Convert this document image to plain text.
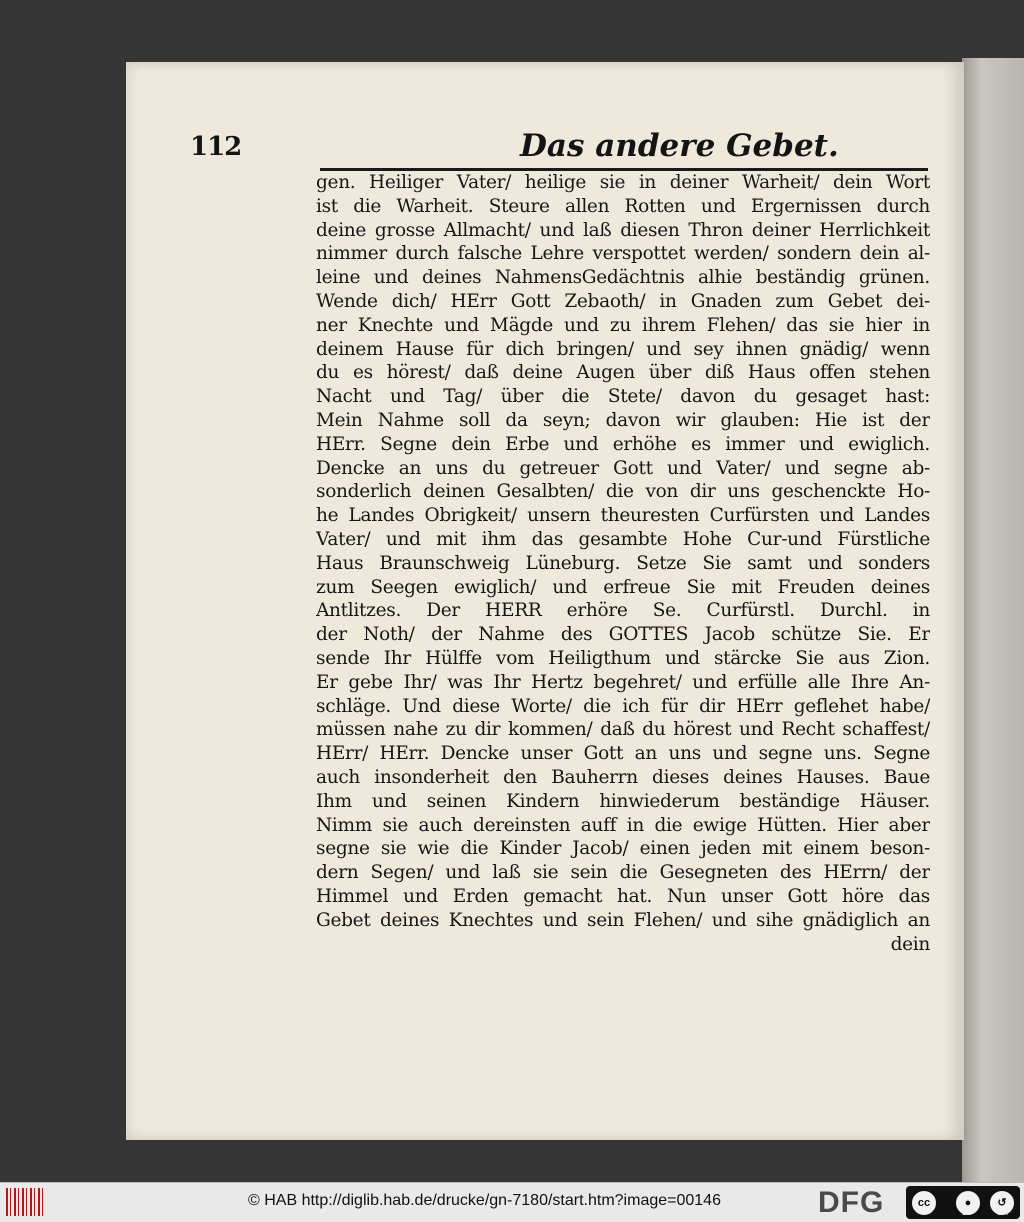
112	Das andere Gebet.
gen. Heiliger Vater/ heilige sie in deiner Warheit/ dein Wort
ist die Warheit. Steure allen Rotten und Ergernissen durch
deine grosse Allmacht/ und laß diesen Thron deiner Herrlichkeit
nimmer durch falsche Lehre verspottet werden/ sondern dein al-
leine und deines NahmensGedächtnis alhie beständig grünen.
Wende dich/ HErr Gott Zebaoth/ in Gnaden zum Gebet dei-
ner Knechte und Mägde und zu ihrem Flehen/ das sie hier in
deinem Hause für dich bringen/ und sey ihnen gnädig/ wenn
du es hörest/ daß deine Augen über diß Haus offen stehen
Nacht und Tag/ über die Stete/ davon du gesaget hast:
Mein Nahme soll da seyn; davon wir glauben: Hie ist der
HErr. Segne dein Erbe und erhöhe es immer und ewiglich.
Dencke an uns du getreuer Gott und Vater/ und segne ab-
sonderlich deinen Gesalbten/ die von dir uns geschenckte Ho-
he Landes Obrigkeit/ unsern theuresten Curfürsten und Landes
Vater/ und mit ihm das gesambte Hohe Cur-und Fürstliche
Haus Braunschweig Lüneburg. Setze Sie samt und sonders
zum Seegen ewiglich/ und erfreue Sie mit Freuden deines
Antlitzes. Der HERR erhöre Se. Curfürstl. Durchl. in
der Noth/ der Nahme des GOTTES Jacob schütze Sie. Er
sende Ihr Hülffe vom Heiligthum und stärcke Sie aus Zion.
Er gebe Ihr/ was Ihr Hertz begehret/ und erfülle alle Ihre An-
schläge. Und diese Worte/ die ich für dir HErr geflehet habe/
müssen nahe zu dir kommen/ daß du hörest und Recht schaffest/
HErr/ HErr. Dencke unser Gott an uns und segne uns. Segne
auch insonderheit den Bauherrn dieses deines Hauses. Baue
Ihm und seinen Kindern hinwiederum beständige Häuser.
Nimm sie auch dereinsten auff in die ewige Hütten. Hier aber
segne sie wie die Kinder Jacob/ einen jeden mit einem beson-
dern Segen/ und laß sie sein die Gesegneten des HErrn/ der
Himmel und Erden gemacht hat. Nun unser Gott höre das
Gebet deines Knechtes und sein Flehen/ und sihe gnädiglich an
dein
© HAB http://diglib.hab.de/drucke/gn-7180/start.htm?image=00146	DFG	cc	●	↺
BY	SA
